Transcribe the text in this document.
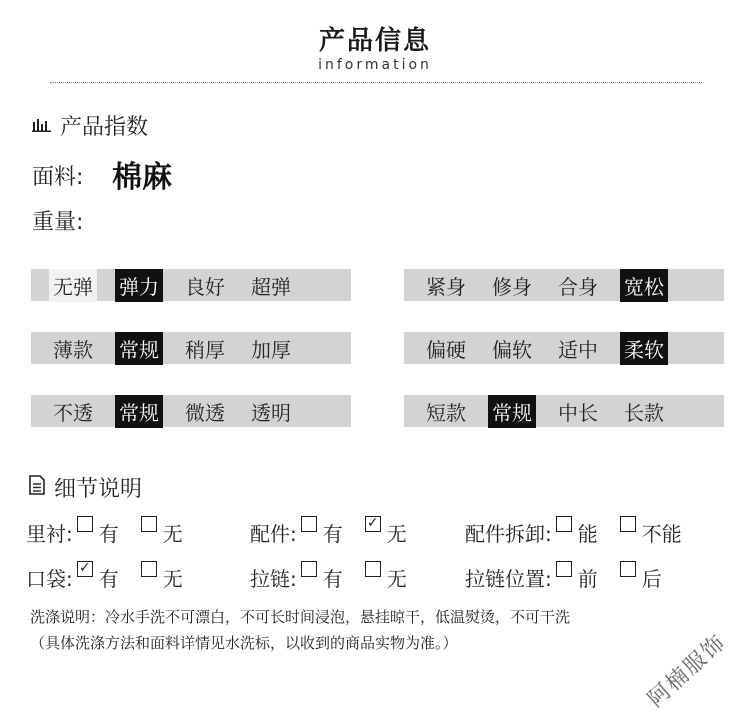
产品信息
information
产品指数
面料: 棉麻
重量:
无弹 弹力 良好 超弹	紧身 修身 合身 宽松
薄款 常规 稍厚 加厚	偏硬 偏软 适中 柔软
不透 常规 微透 透明	短款 常规 中长 长款
细节说明
里衬: 有 无	配件: 有 ✓ 无	配件拆卸: 能 不能
口袋: ✓ 有 无	拉链: 有 无	拉链位置: 前 后
洗涤说明：冷水手洗不可漂白，不可长时间浸泡，悬挂晾干，低温熨烫，不可干洗
（具体洗涤方法和面料详情见水洗标，以收到的商品实物为准。）	阿楠服饰
